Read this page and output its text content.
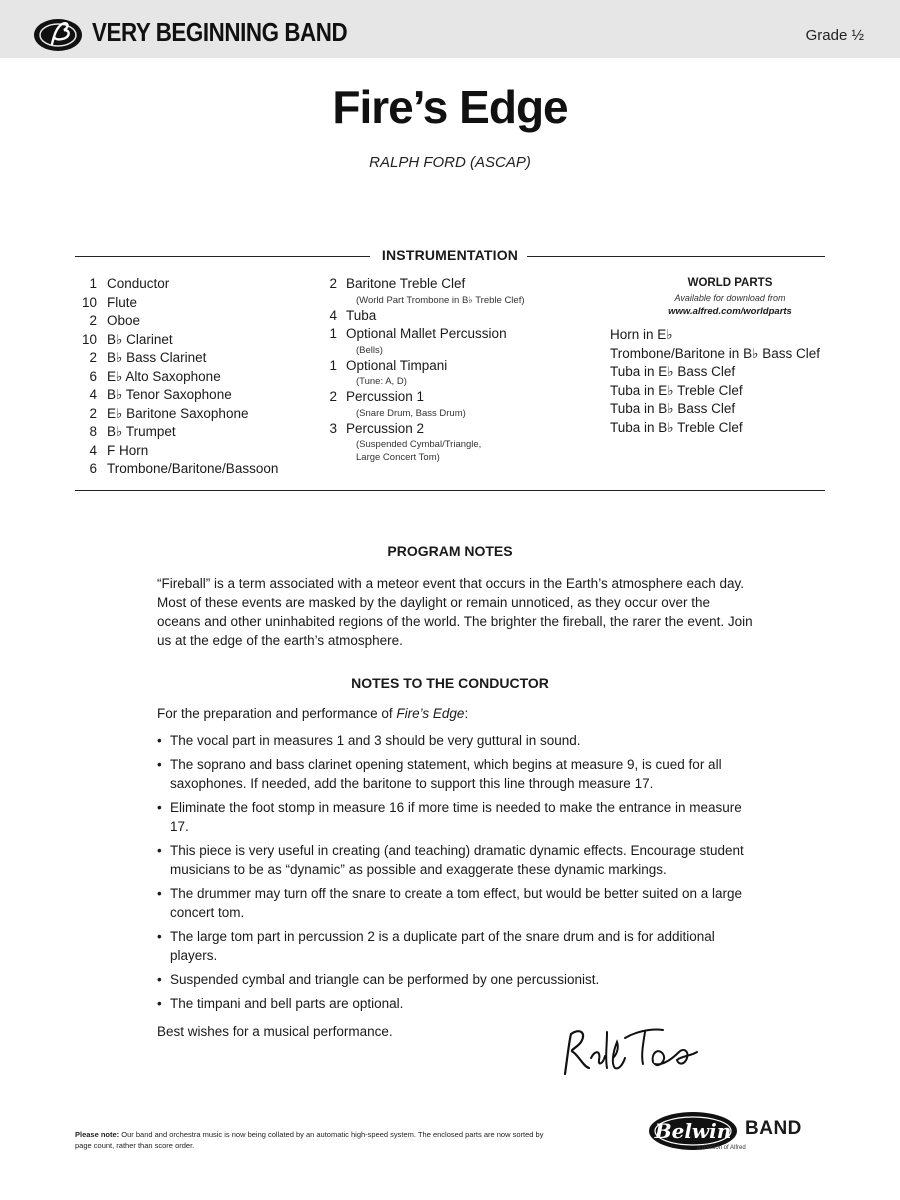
VERY BEGINNING BAND	Grade ½
Fire’s Edge
RALPH FORD (ASCAP)
INSTRUMENTATION
1 Conductor
10 Flute
2 Oboe
10 B♭ Clarinet
2 B♭ Bass Clarinet
6 E♭ Alto Saxophone
4 B♭ Tenor Saxophone
2 E♭ Baritone Saxophone
8 B♭ Trumpet
4 F Horn
6 Trombone/Baritone/Bassoon
2 Baritone Treble Clef
(World Part Trombone in B♭ Treble Clef)
4 Tuba
1 Optional Mallet Percussion
(Bells)
1 Optional Timpani
(Tune: A, D)
2 Percussion 1
(Snare Drum, Bass Drum)
3 Percussion 2
(Suspended Cymbal/Triangle,
Large Concert Tom)
WORLD PARTS
Available for download from
www.alfred.com/worldparts
Horn in E♭
Trombone/Baritone in B♭ Bass Clef
Tuba in E♭ Bass Clef
Tuba in E♭ Treble Clef
Tuba in B♭ Bass Clef
Tuba in B♭ Treble Clef
PROGRAM NOTES
“Fireball” is a term associated with a meteor event that occurs in the Earth’s atmosphere each day. Most of these events are masked by the daylight or remain unnoticed, as they occur over the oceans and other uninhabited regions of the world. The brighter the fireball, the rarer the event. Join us at the edge of the earth’s atmosphere.
NOTES TO THE CONDUCTOR
For the preparation and performance of Fire’s Edge:
• The vocal part in measures 1 and 3 should be very guttural in sound.
• The soprano and bass clarinet opening statement, which begins at measure 9, is cued for all saxophones. If needed, add the baritone to support this line through measure 17.
• Eliminate the foot stomp in measure 16 if more time is needed to make the entrance in measure 17.
• This piece is very useful in creating (and teaching) dramatic dynamic effects. Encourage student musicians to be as “dynamic” as possible and exaggerate these dynamic markings.
• The drummer may turn off the snare to create a tom effect, but would be better suited on a large concert tom.
• The large tom part in percussion 2 is a duplicate part of the snare drum and is for additional players.
• Suspended cymbal and triangle can be performed by one percussionist.
• The timpani and bell parts are optional.
Best wishes for a musical performance.
Please note: Our band and orchestra music is now being collated by an automatic high-speed system. The enclosed parts are now sorted by page count, rather than score order.
Belwin BAND
a division of Alfred
